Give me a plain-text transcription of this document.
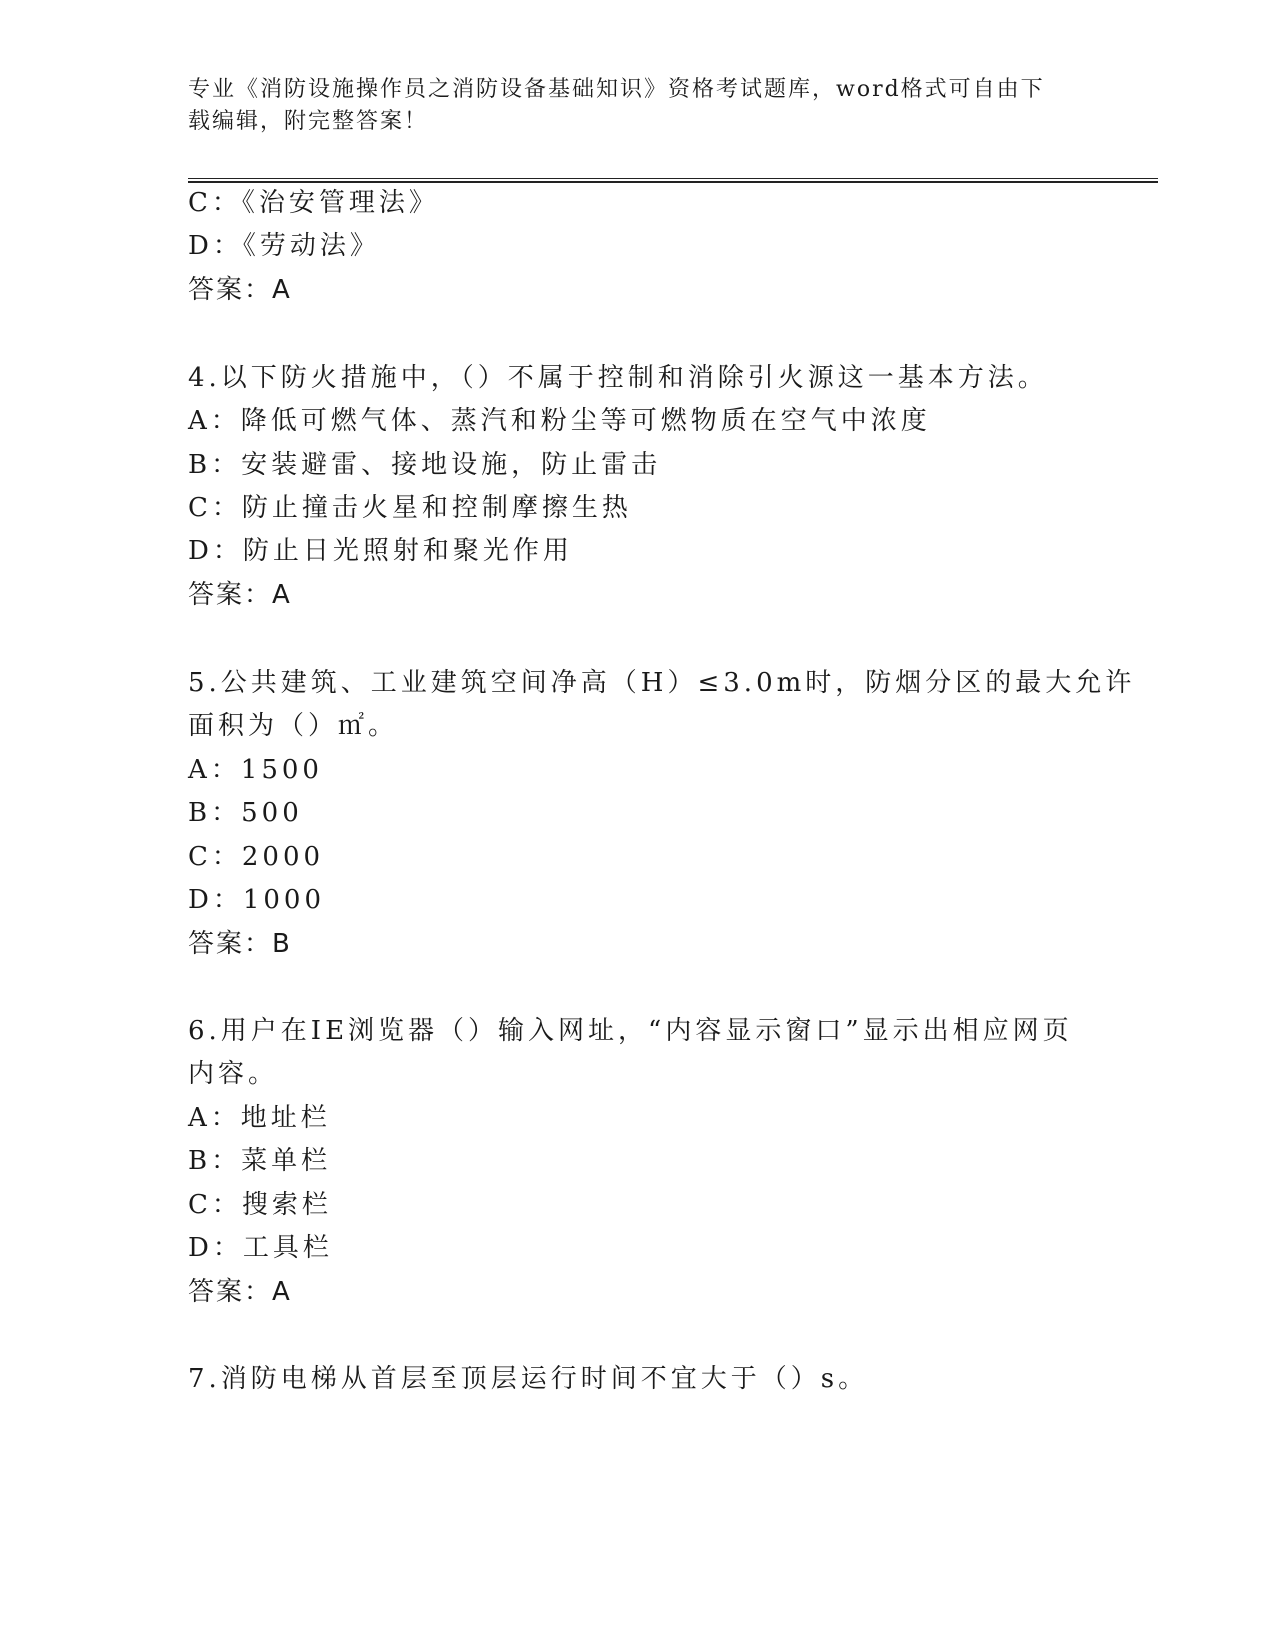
专业《消防设施操作员之消防设备基础知识》资格考试题库，word格式可自由下
载编辑，附完整答案！
C：《治安管理法》
D：《劳动法》
答案：A
4.以下防火措施中，（）不属于控制和消除引火源这一基本方法。
A：降低可燃气体、蒸汽和粉尘等可燃物质在空气中浓度
B：安装避雷、接地设施，防止雷击
C：防止撞击火星和控制摩擦生热
D：防止日光照射和聚光作用
答案：A
5.公共建筑、工业建筑空间净高（H）≤3.0m时，防烟分区的最大允许
面积为（）㎡。
A：1500
B：500
C：2000
D：1000
答案：B
6.用户在IE浏览器（）输入网址，“内容显示窗口”显示出相应网页
内容。
A：地址栏
B：菜单栏
C：搜索栏
D：工具栏
答案：A
7.消防电梯从首层至顶层运行时间不宜大于（）s。
